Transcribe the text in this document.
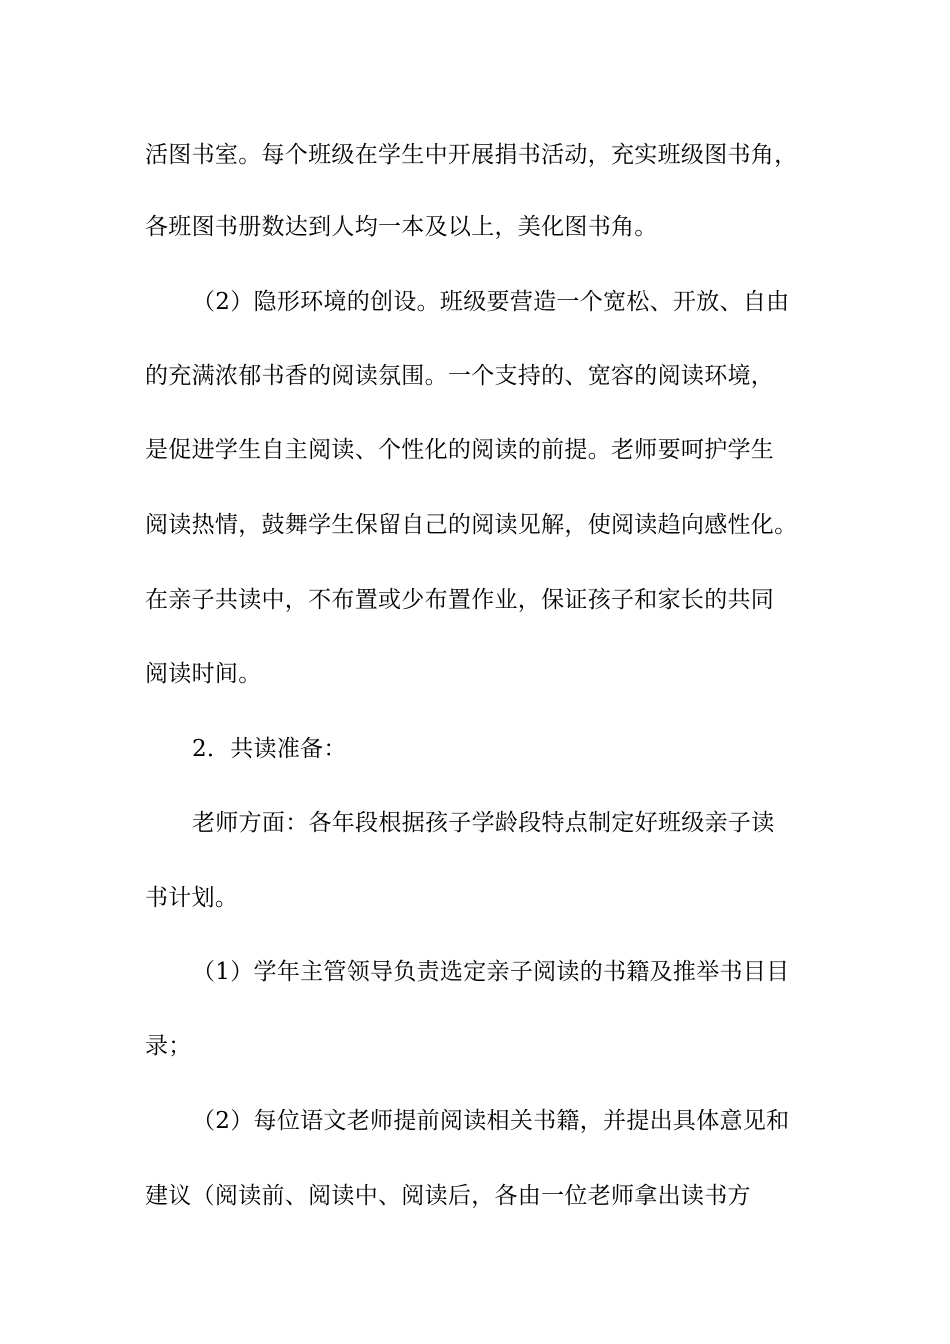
活图书室。每个班级在学生中开展捐书活动，充实班级图书角，
各班图书册数达到人均一本及以上，美化图书角。
（2）隐形环境的创设。班级要营造一个宽松、开放、自由
的充满浓郁书香的阅读氛围。一个支持的、宽容的阅读环境，
是促进学生自主阅读、个性化的阅读的前提。老师要呵护学生
阅读热情，鼓舞学生保留自己的阅读见解，使阅读趋向感性化。
在亲子共读中，不布置或少布置作业，保证孩子和家长的共同
阅读时间。
2．共读准备：
老师方面：各年段根据孩子学龄段特点制定好班级亲子读
书计划。
（1）学年主管领导负责选定亲子阅读的书籍及推举书目目
录；
（2）每位语文老师提前阅读相关书籍，并提出具体意见和
建议（阅读前、阅读中、阅读后，各由一位老师拿出读书方
